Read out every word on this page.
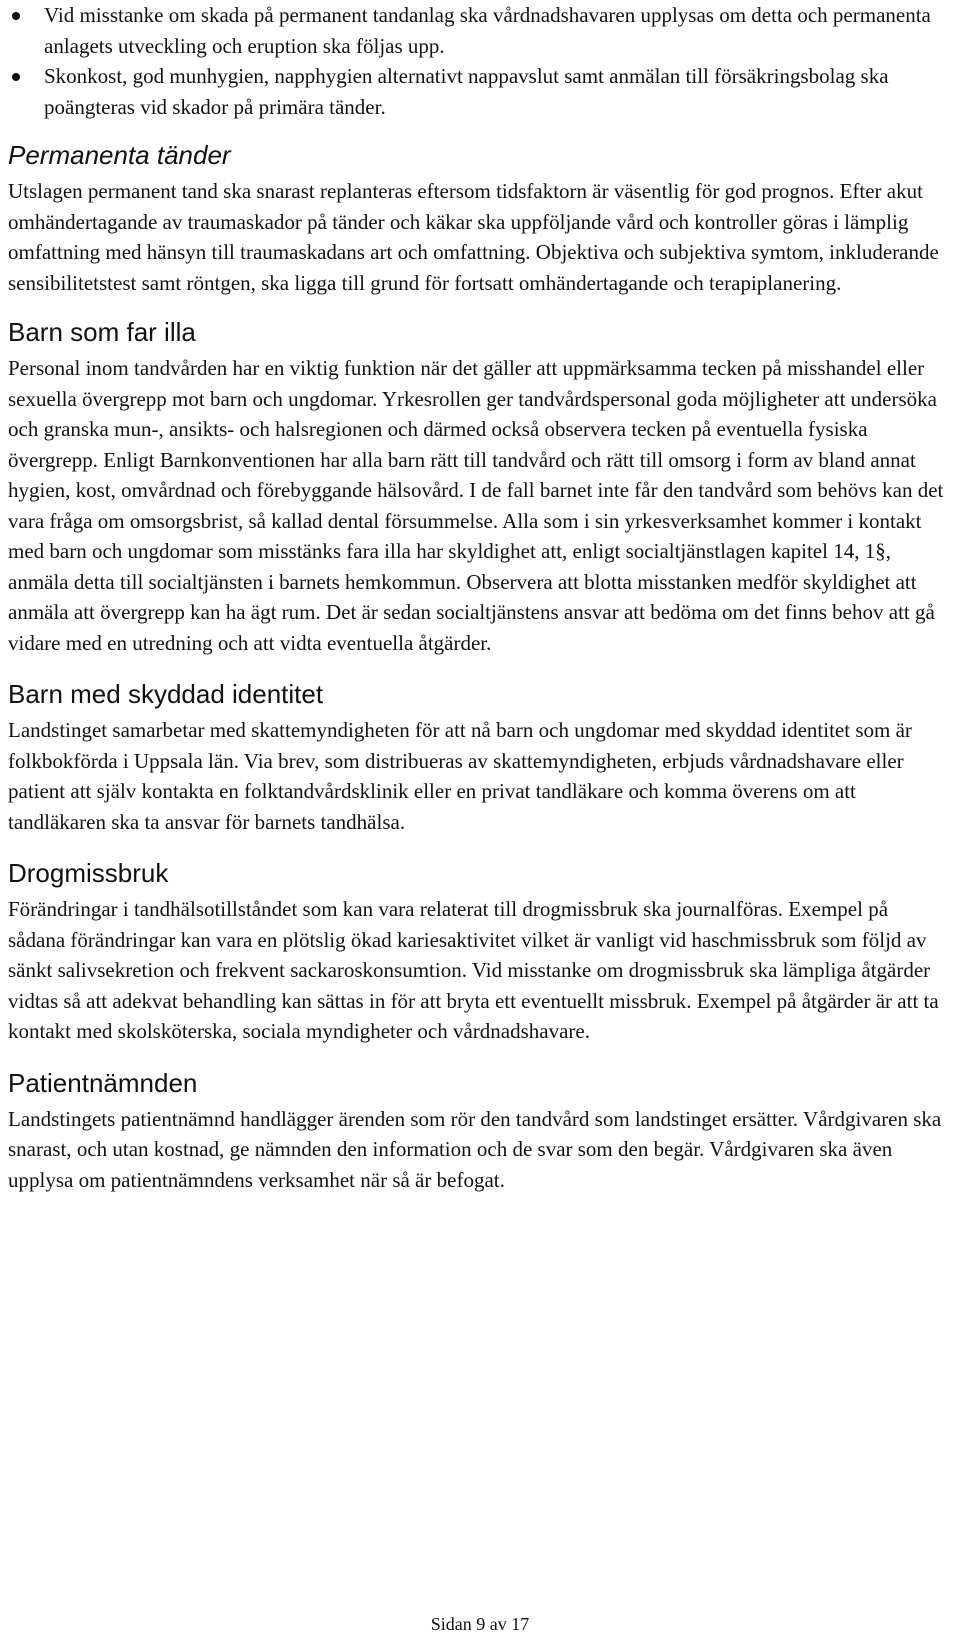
Vid misstanke om skada på permanent tandanlag ska vårdnadshavaren upplysas om detta och permanenta anlagets utveckling och eruption ska följas upp.
Skonkost, god munhygien, napphygien alternativt nappavslut samt anmälan till försäkringsbolag ska poängteras vid skador på primära tänder.
Permanenta tänder

Utslagen permanent tand ska snarast replanteras eftersom tidsfaktorn är väsentlig för god prognos. Efter akut omhändertagande av traumaskador på tänder och käkar ska uppföljande vård och kontroller göras i lämplig omfattning med hänsyn till traumaskadans art och omfattning. Objektiva och subjektiva symtom, inkluderande sensibilitetstest samt röntgen, ska ligga till grund för fortsatt omhändertagande och terapiplanering.

Barn som far illa

Personal inom tandvården har en viktig funktion när det gäller att uppmärksamma tecken på misshandel eller sexuella övergrepp mot barn och ungdomar. Yrkesrollen ger tandvårdspersonal goda möjligheter att undersöka och granska mun-, ansikts- och halsregionen och därmed också observera tecken på eventuella fysiska övergrepp. Enligt Barnkonventionen har alla barn rätt till tandvård och rätt till omsorg i form av bland annat hygien, kost, omvårdnad och förebyggande hälsovård. I de fall barnet inte får den tandvård som behövs kan det vara fråga om omsorgsbrist, så kallad dental försummelse. Alla som i sin yrkesverksamhet kommer i kontakt med barn och ungdomar som misstänks fara illa har skyldighet att, enligt socialtjänstlagen kapitel 14, 1§, anmäla detta till socialtjänsten i barnets hemkommun. Observera att blotta misstanken medför skyldighet att anmäla att övergrepp kan ha ägt rum. Det är sedan socialtjänstens ansvar att bedöma om det finns behov att gå vidare med en utredning och att vidta eventuella åtgärder.

Barn med skyddad identitet

Landstinget samarbetar med skattemyndigheten för att nå barn och ungdomar med skyddad identitet som är folkbokförda i Uppsala län. Via brev, som distribueras av skattemyndigheten, erbjuds vårdnadshavare eller patient att själv kontakta en folktandvårdsklinik eller en privat tandläkare och komma överens om att tandläkaren ska ta ansvar för barnets tandhälsa.

Drogmissbruk

Förändringar i tandhälsotillståndet som kan vara relaterat till drogmissbruk ska journalföras. Exempel på sådana förändringar kan vara en plötslig ökad kariesaktivitet vilket är vanligt vid haschmissbruk som följd av sänkt salivsekretion och frekvent sackaroskonsumtion. Vid misstanke om drogmissbruk ska lämpliga åtgärder vidtas så att adekvat behandling kan sättas in för att bryta ett eventuellt missbruk. Exempel på åtgärder är att ta kontakt med skolsköterska, sociala myndigheter och vårdnadshavare.

Patientnämnden

Landstingets patientnämnd handlägger ärenden som rör den tandvård som landstinget ersätter. Vårdgivaren ska snarast, och utan kostnad, ge nämnden den information och de svar som den begär. Vårdgivaren ska även upplysa om patientnämndens verksamhet när så är befogat.

Sidan 9 av 17
